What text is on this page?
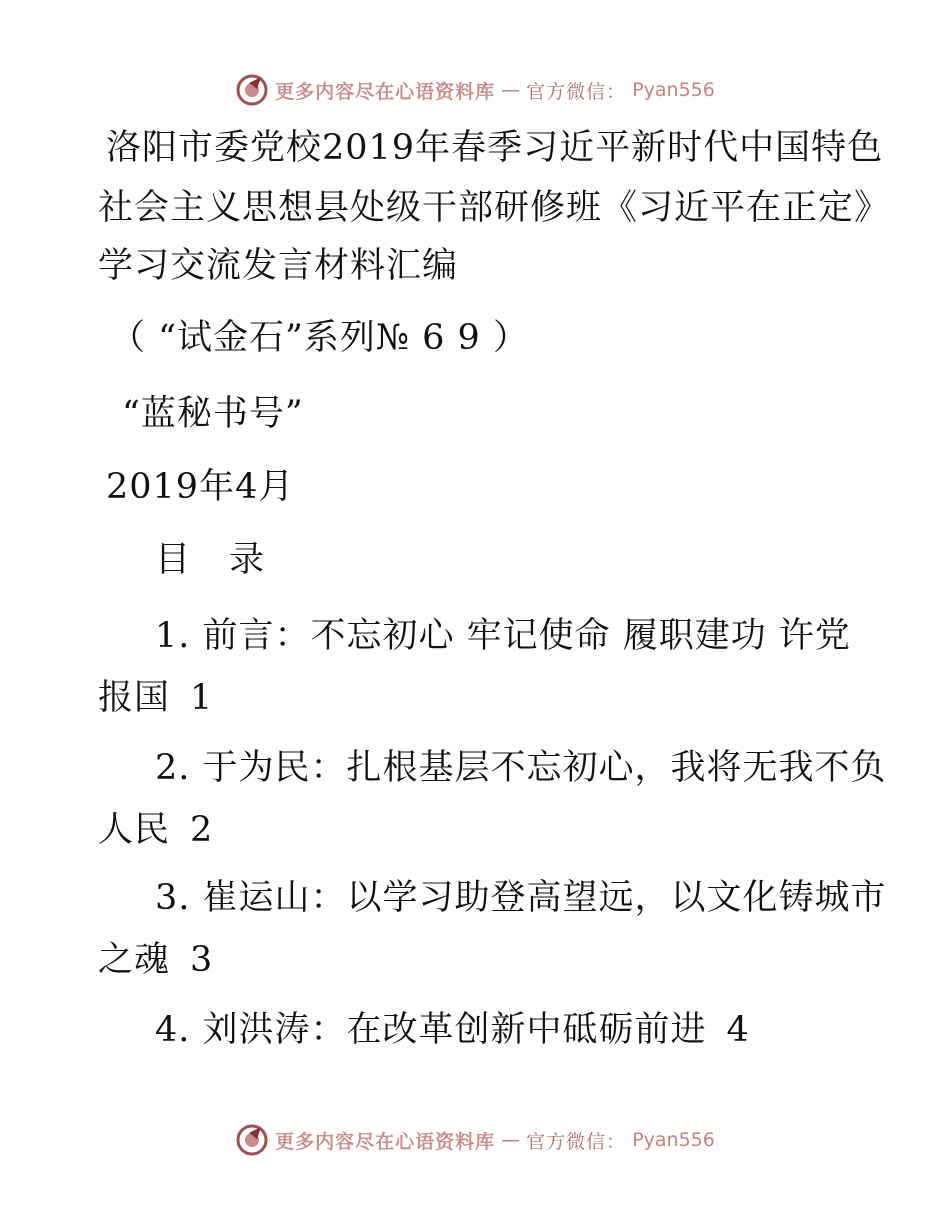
更多内容尽在心语资料库 — 官方微信： Pyan556
洛阳市委党校2019年春季习近平新时代中国特色
社会主义思想县处级干部研修班《习近平在正定》
学习交流发言材料汇编
（ “试金石”系列№ 6 9 ）
“蓝秘书号”
2019年4月
目 录
1. 前言：不忘初心 牢记使命 履职建功 许党
报国 1
2. 于为民：扎根基层不忘初心，我将无我不负
人民 2
3. 崔运山：以学习助登高望远，以文化铸城市
之魂 3
4. 刘洪涛：在改革创新中砥砺前进 4
更多内容尽在心语资料库 — 官方微信： Pyan556
